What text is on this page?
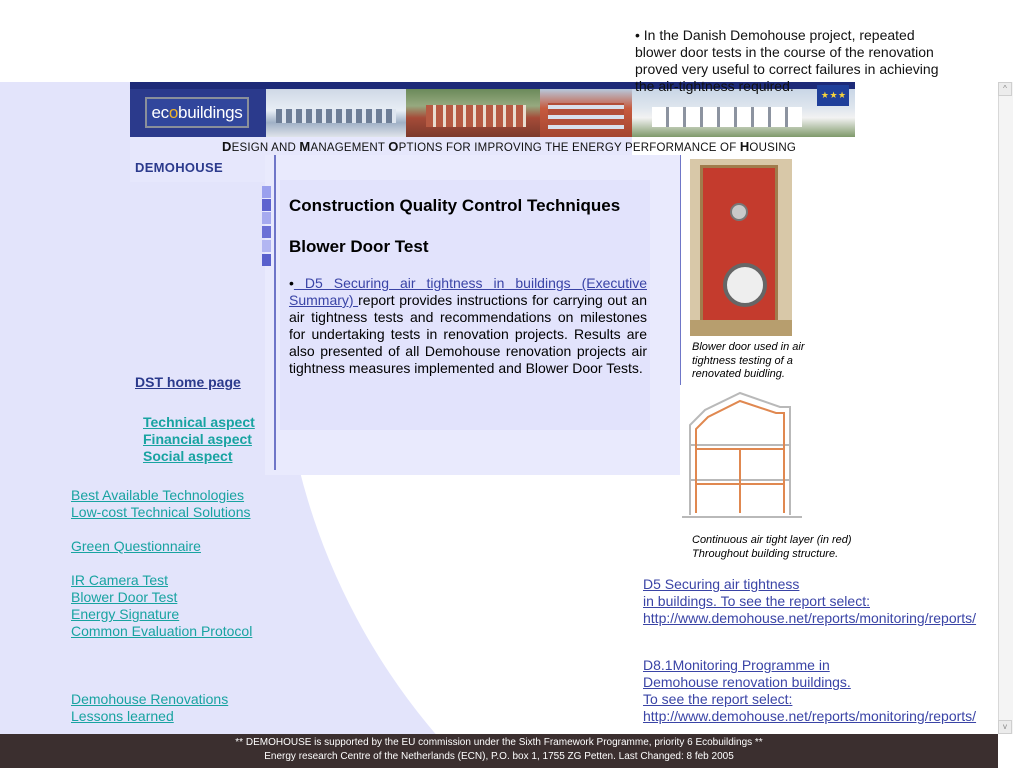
^
v
• In the Danish Demohouse project, repeated blower door tests in the course of the renovation proved very useful to correct failures in achieving the air-tightness required.
ecobuildings
★ ★ ★
DESIGN AND MANAGEMENT OPTIONS FOR IMPROVING THE ENERGY PERFORMANCE OF HOUSING
DEMOHOUSE
Construction Quality Control Techniques
Blower Door Test
• D5 Securing air tightness in buildings (Executive Summary) report provides instructions for carrying out an air tightness tests and recommendations on milestones for undertaking tests in renovation projects. Results are also presented of all Demohouse renovation projects air tightness measures implemented and Blower Door Tests.
DST home page
Technical aspect
Financial aspect
Social aspect
Best Available Technologies
Low-cost Technical Solutions
Green Questionnaire
IR Camera Test
Blower Door Test
Energy Signature
Common Evaluation Protocol
Demohouse Renovations
Lessons learned
Blower door used in air tightness testing of a renovated buidling.
Continuous air tight layer (in red)
Throughout building structure.
D5 Securing air tightness
in buildings. To see the report select:
http://www.demohouse.net/reports/monitoring/reports/
D8.1Monitoring Programme in
Demohouse renovation buildings.
To see the report select:
http://www.demohouse.net/reports/monitoring/reports/
** DEMOHOUSE is supported by the EU commission under the Sixth Framework Programme, priority 6 Ecobuildings **
Energy research Centre of the Netherlands (ECN), P.O. box 1, 1755 ZG Petten. Last Changed: 8 feb 2005
